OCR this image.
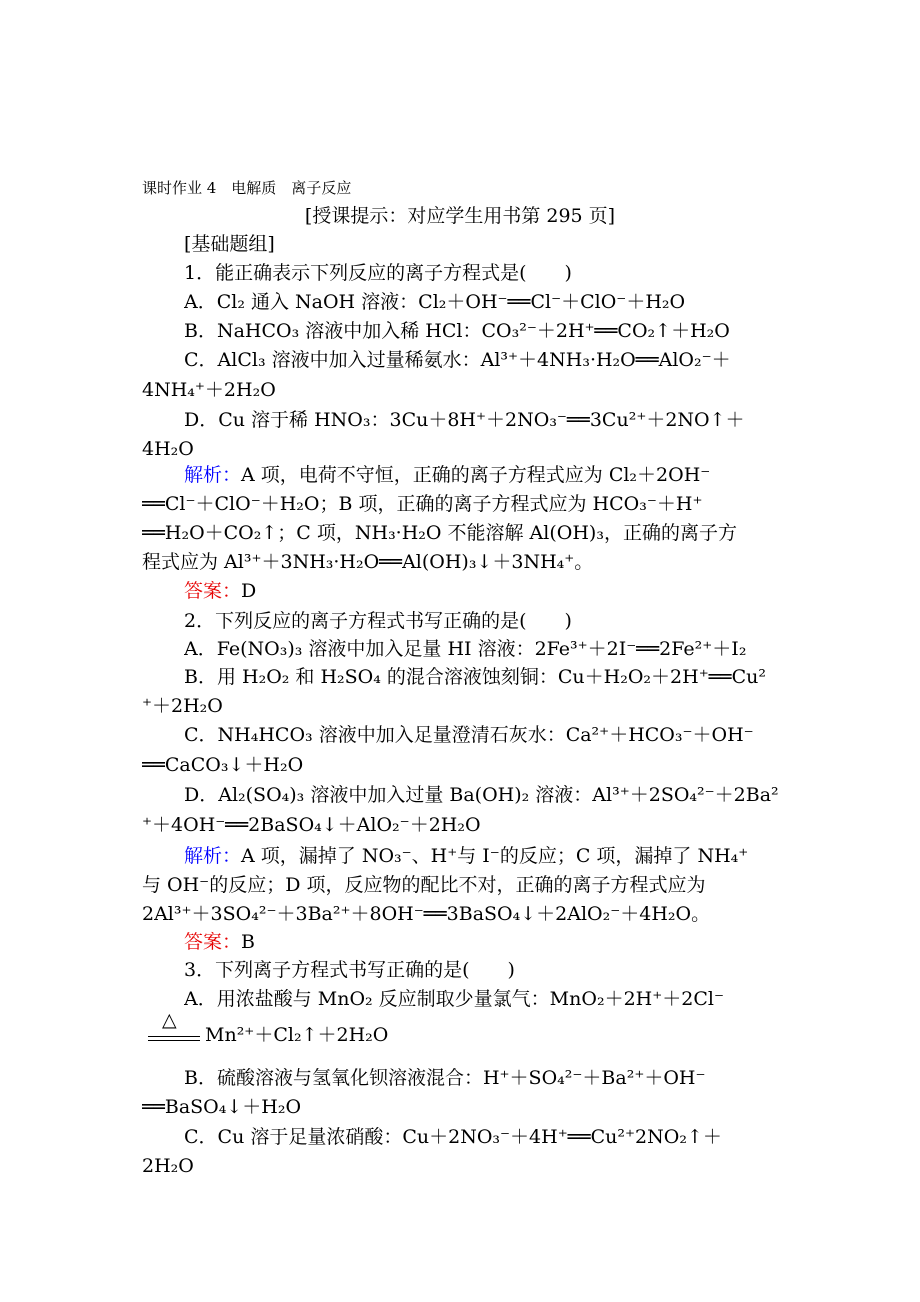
课时作业 4　电解质　离子反应
[授课提示：对应学生用书第 295 页]
[基础题组]
1．能正确表示下列反应的离子方程式是(　　)
A．Cl₂ 通入 NaOH 溶液：Cl₂＋OH⁻══Cl⁻＋ClO⁻＋H₂O
B．NaHCO₃ 溶液中加入稀 HCl：CO₃²⁻＋2H⁺══CO₂↑＋H₂O
C．AlCl₃ 溶液中加入过量稀氨水：Al³⁺＋4NH₃·H₂O══AlO₂⁻＋
4NH₄⁺＋2H₂O
D．Cu 溶于稀 HNO₃：3Cu＋8H⁺＋2NO₃⁻══3Cu²⁺＋2NO↑＋
4H₂O
解析：A 项，电荷不守恒，正确的离子方程式应为 Cl₂＋2OH⁻
══Cl⁻＋ClO⁻＋H₂O；B 项，正确的离子方程式应为 HCO₃⁻＋H⁺
══H₂O＋CO₂↑；C 项，NH₃·H₂O 不能溶解 Al(OH)₃，正确的离子方
程式应为 Al³⁺＋3NH₃·H₂O══Al(OH)₃↓＋3NH₄⁺。
答案：D
2．下列反应的离子方程式书写正确的是(　　)
A．Fe(NO₃)₃ 溶液中加入足量 HI 溶液：2Fe³⁺＋2I⁻══2Fe²⁺＋I₂
B．用 H₂O₂ 和 H₂SO₄ 的混合溶液蚀刻铜：Cu＋H₂O₂＋2H⁺══Cu²
⁺＋2H₂O
C．NH₄HCO₃ 溶液中加入足量澄清石灰水：Ca²⁺＋HCO₃⁻＋OH⁻
══CaCO₃↓＋H₂O
D．Al₂(SO₄)₃ 溶液中加入过量 Ba(OH)₂ 溶液：Al³⁺＋2SO₄²⁻＋2Ba²
⁺＋4OH⁻══2BaSO₄↓＋AlO₂⁻＋2H₂O
解析：A 项，漏掉了 NO₃⁻、H⁺与 I⁻的反应；C 项，漏掉了 NH₄⁺
与 OH⁻的反应；D 项，反应物的配比不对，正确的离子方程式应为
2Al³⁺＋3SO₄²⁻＋3Ba²⁺＋8OH⁻══3BaSO₄↓＋2AlO₂⁻＋4H₂O。
答案：B
3．下列离子方程式书写正确的是(　　)
A．用浓盐酸与 MnO₂ 反应制取少量氯气：MnO₂＋2H⁺＋2Cl⁻
△
Mn²⁺＋Cl₂↑＋2H₂O
B．硫酸溶液与氢氧化钡溶液混合：H⁺＋SO₄²⁻＋Ba²⁺＋OH⁻
══BaSO₄↓＋H₂O
C．Cu 溶于足量浓硝酸：Cu＋2NO₃⁻＋4H⁺══Cu²⁺2NO₂↑＋
2H₂O
